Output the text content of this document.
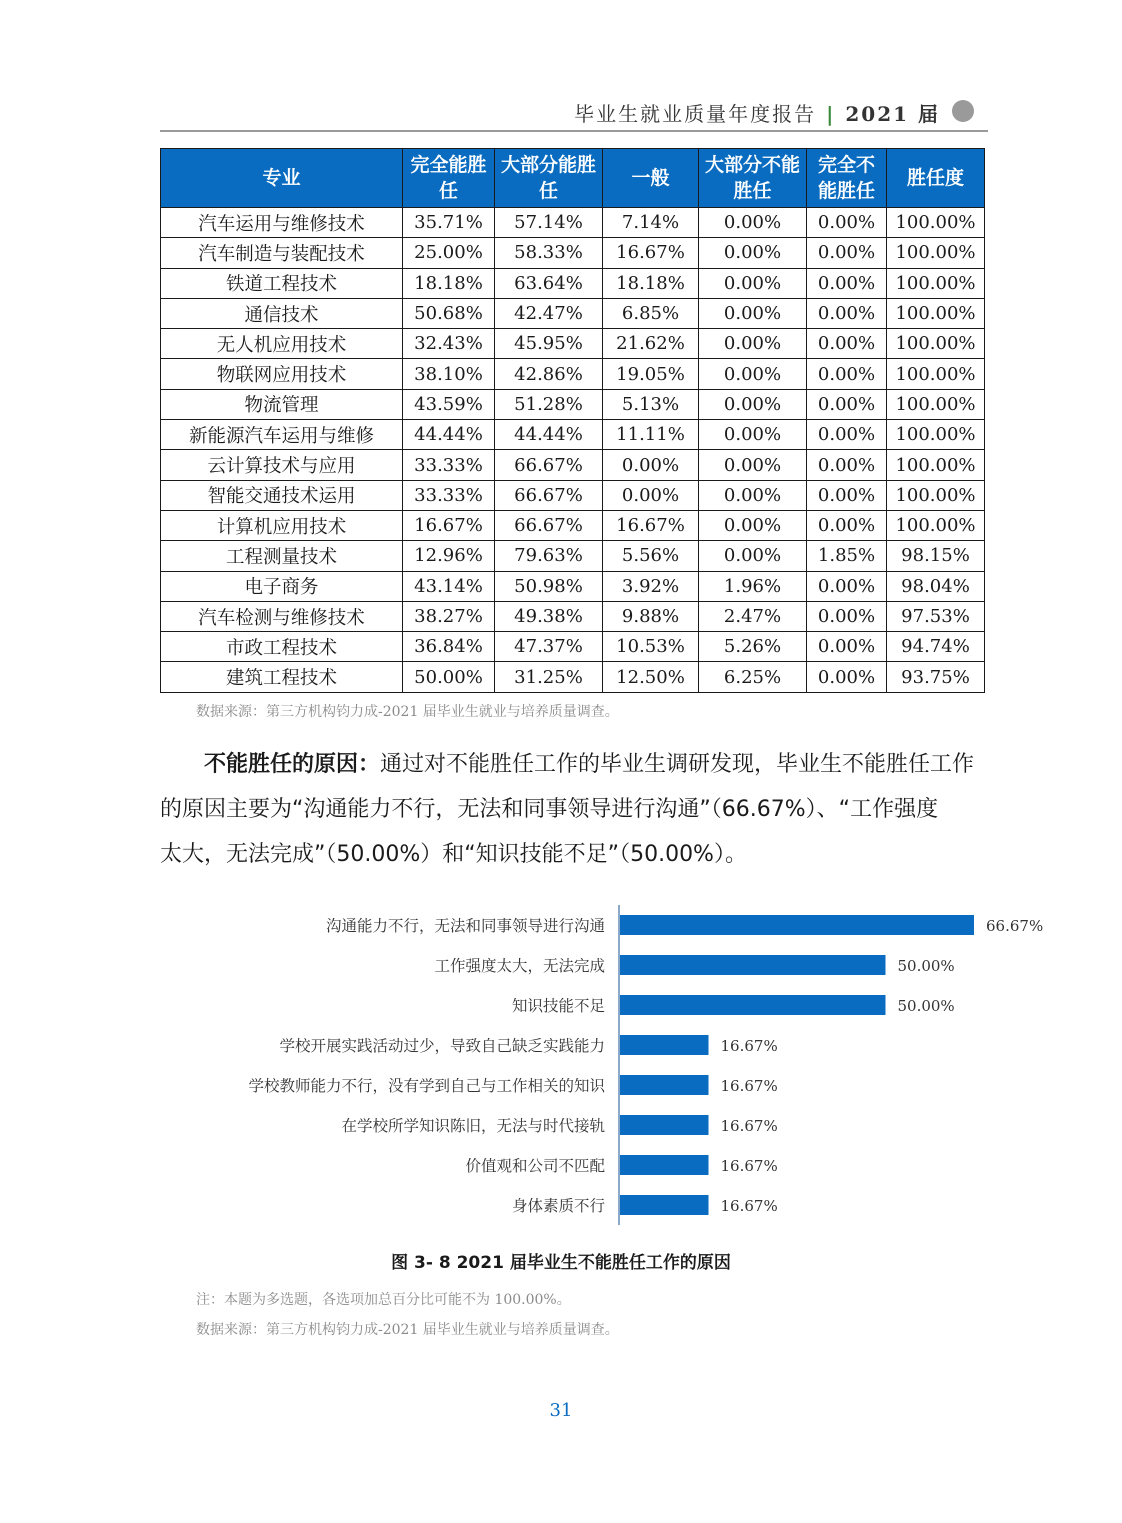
毕业生就业质量年度报告 | 2021 届
专业	完全能胜任	大部分能胜任	一般	大部分不能胜任	完全不能胜任	胜任度
汽车运用与维修技术	35.71%	57.14%	7.14%	0.00%	0.00%	100.00%
汽车制造与装配技术	25.00%	58.33%	16.67%	0.00%	0.00%	100.00%
铁道工程技术	18.18%	63.64%	18.18%	0.00%	0.00%	100.00%
通信技术	50.68%	42.47%	6.85%	0.00%	0.00%	100.00%
无人机应用技术	32.43%	45.95%	21.62%	0.00%	0.00%	100.00%
物联网应用技术	38.10%	42.86%	19.05%	0.00%	0.00%	100.00%
物流管理	43.59%	51.28%	5.13%	0.00%	0.00%	100.00%
新能源汽车运用与维修	44.44%	44.44%	11.11%	0.00%	0.00%	100.00%
云计算技术与应用	33.33%	66.67%	0.00%	0.00%	0.00%	100.00%
智能交通技术运用	33.33%	66.67%	0.00%	0.00%	0.00%	100.00%
计算机应用技术	16.67%	66.67%	16.67%	0.00%	0.00%	100.00%
工程测量技术	12.96%	79.63%	5.56%	0.00%	1.85%	98.15%
电子商务	43.14%	50.98%	3.92%	1.96%	0.00%	98.04%
汽车检测与维修技术	38.27%	49.38%	9.88%	2.47%	0.00%	97.53%
市政工程技术	36.84%	47.37%	10.53%	5.26%	0.00%	94.74%
建筑工程技术	50.00%	31.25%	12.50%	6.25%	0.00%	93.75%
数据来源：第三方机构钧力成-2021 届毕业生就业与培养质量调查。
不能胜任的原因：通过对不能胜任工作的毕业生调研发现，毕业生不能胜任工作
的原因主要为“沟通能力不行，无法和同事领导进行沟通”（66.67%）、“工作强度
太大，无法完成”（50.00%）和“知识技能不足”（50.00%）。
沟通能力不行，无法和同事领导进行沟通	66.67%
工作强度太大，无法完成	50.00%
知识技能不足	50.00%
学校开展实践活动过少，导致自己缺乏实践能力	16.67%
学校教师能力不行，没有学到自己与工作相关的知识	16.67%
在学校所学知识陈旧，无法与时代接轨	16.67%
价值观和公司不匹配	16.67%
身体素质不行	16.67%
图 3- 8 2021 届毕业生不能胜任工作的原因
注：本题为多选题，各选项加总百分比可能不为 100.00%。
数据来源：第三方机构钧力成-2021 届毕业生就业与培养质量调查。
31
